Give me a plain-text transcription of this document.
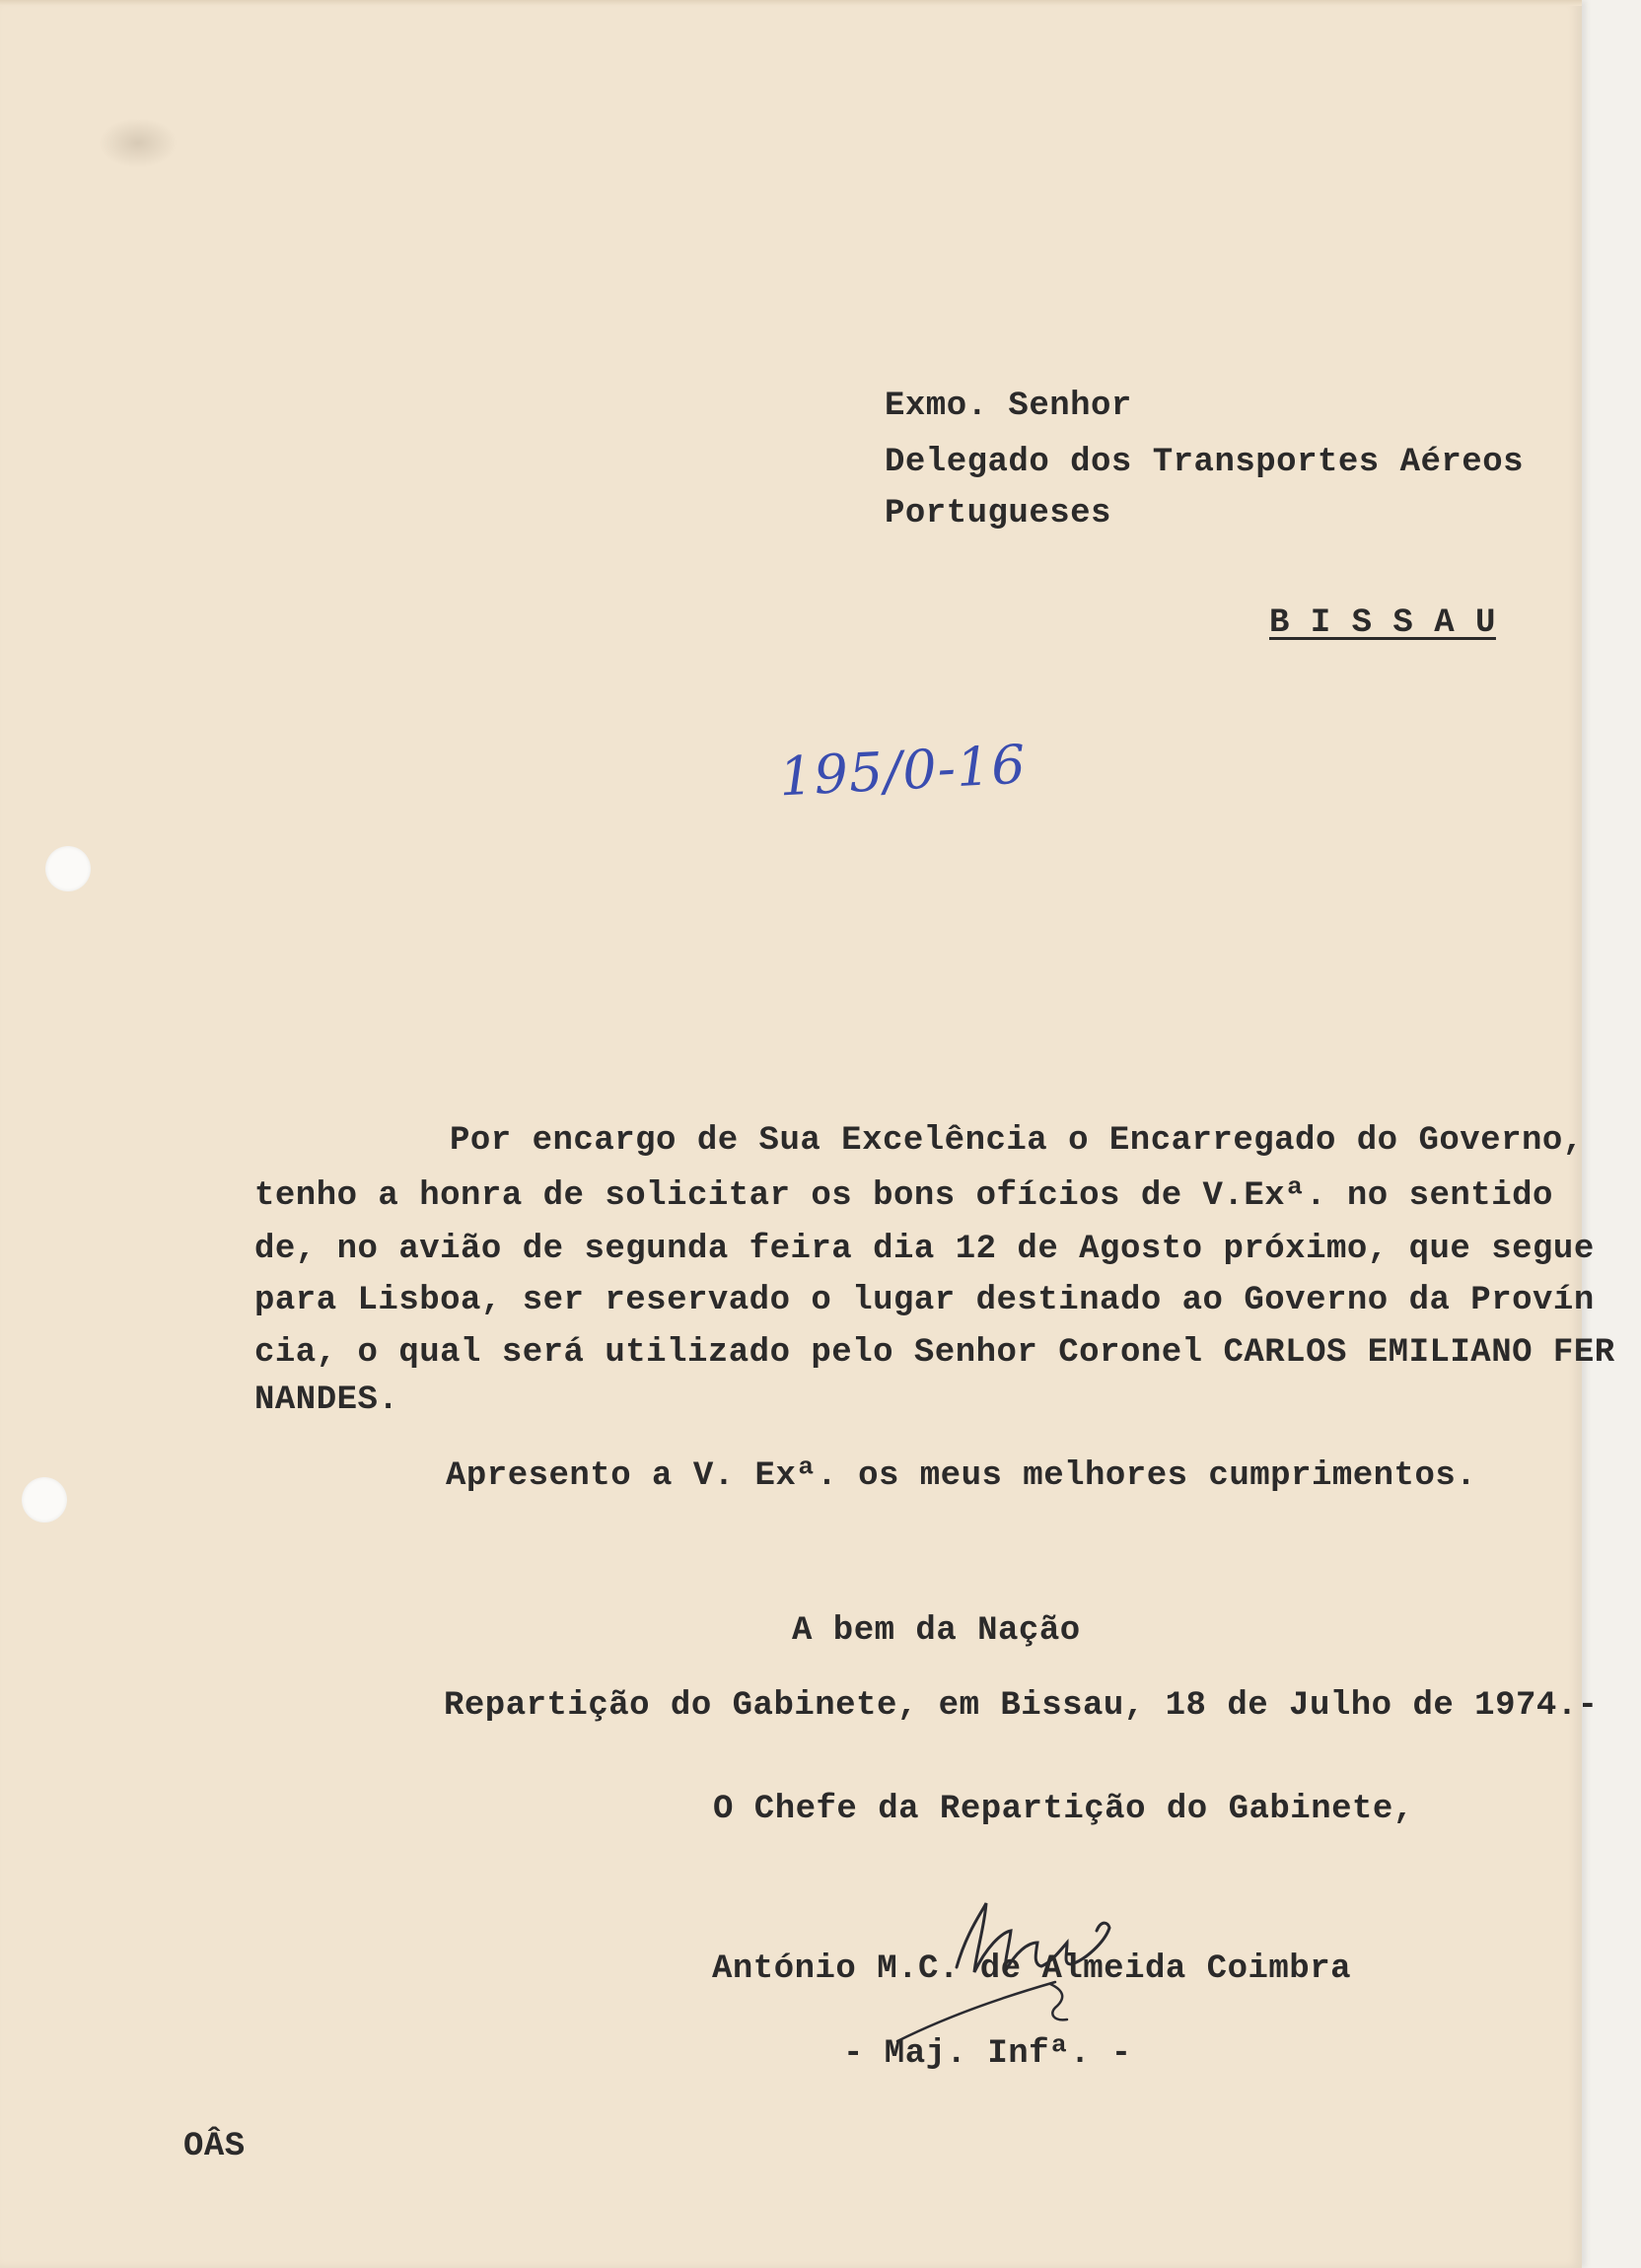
Exmo. Senhor
Delegado dos Transportes Aéreos
Portugueses
B I S S A U
195/0-16
Por encargo de Sua Excelência o Encarregado do Governo,
tenho a honra de solicitar os bons ofícios de V.Exª. no sentido
de, no avião de segunda feira dia 12 de Agosto próximo, que segue
para Lisboa, ser reservado o lugar destinado ao Governo da Provín
cia, o qual será utilizado pelo Senhor Coronel CARLOS EMILIANO FER
NANDES.
Apresento a V. Exª. os meus melhores cumprimentos.
A bem da Nação
Repartição do Gabinete, em Bissau, 18 de Julho de 1974.-
O Chefe da Repartição do Gabinete,
António M.C. de Almeida Coimbra
- Maj. Infª. -
OÂS
